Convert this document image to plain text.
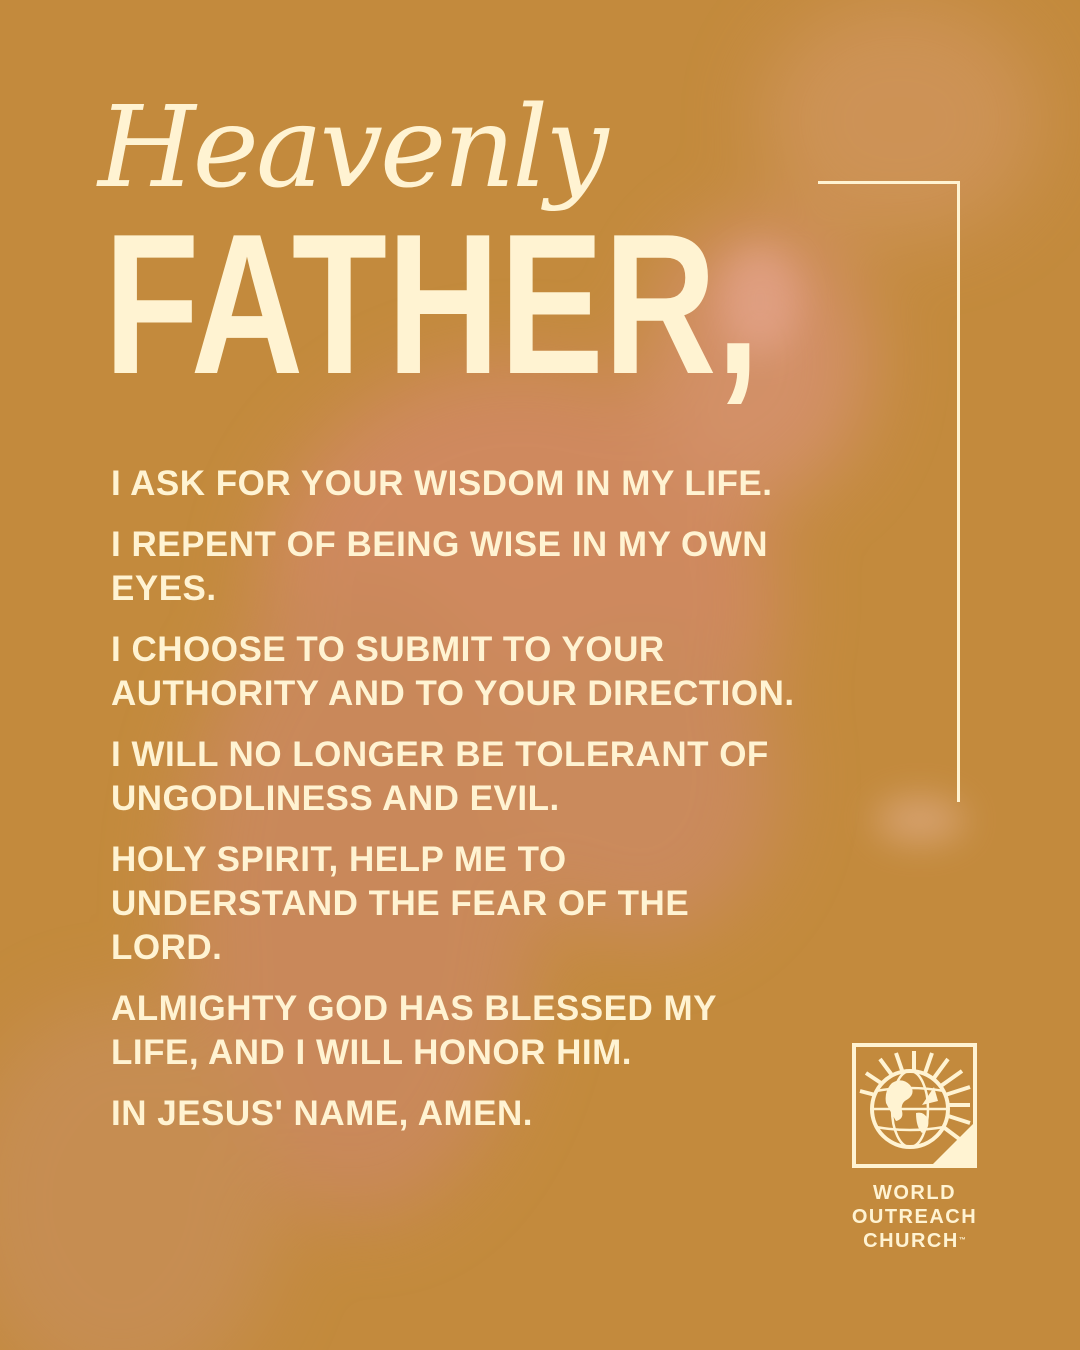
Heavenly
FATHER,
I ASK FOR YOUR WISDOM IN MY LIFE.
I REPENT OF BEING WISE IN MY OWN EYES.
I CHOOSE TO SUBMIT TO YOUR AUTHORITY AND TO YOUR DIRECTION.
I WILL NO LONGER BE TOLERANT OF UNGODLINESS AND EVIL.
HOLY SPIRIT, HELP ME TO UNDERSTAND THE FEAR OF THE LORD.
ALMIGHTY GOD HAS BLESSED MY LIFE, AND I WILL HONOR HIM.
IN JESUS' NAME, AMEN.
WORLD
OUTREACH
CHURCH™
